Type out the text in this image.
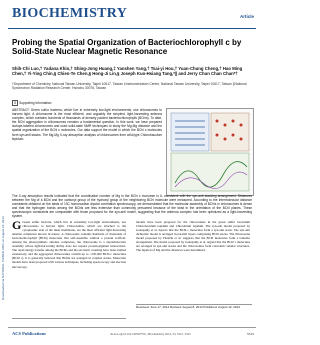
BIOCHEMISTRY	Article
Probing the Spatial Organization of Bacteriochlorophyll c by Solid-State Nuclear Magnetic Resonance
Shih-Chi Luo,† Yadana Khin,† Shing-Jong Huang,‡ Yanshen Yang,† Tsai-yi Hou,† Yuan-Chung Cheng,† Hao Ming Chen,† Yi-Ying Chin,§ Chien-Te Chen,§ Hong-Ji Lin,§ Joseph Kuo-Hsiang Tang,*∥ and Jerry Chun Chan Chan*†
†Department of Chemistry, National Taiwan University, Taipei 10617, Taiwan ‡Instrumentation Center, National Taiwan University, Taipei 10617, Taiwan §National Synchrotron Radiation Research Center, Hsinchu 30076, Taiwan
S Supporting Information
ABSTRACT: Green sulfur bacteria, which live in extremely low-light environments, use chlorosomes to harvest light. A chlorosome is the most efficient, and arguably the simplest, light-harvesting antenna complex, which contains hundreds of thousands of densely packed bacteriochlorophylls (BChls). To date, the BChl aggregation in chlorosomes remains a fundamental question. In this work, we have prepared isotope-labeled chlorosomes and used solid-state NMR techniques to study the Mg-Mg distance and the spatial organization of the BChl c molecules. Our data support the model in which the BChl c molecules form syn-anti stacks. The Mg-Mg X-ray absorption analysis of chlorosomes from wild-type Chlorobaculum tepidum.
The X-ray absorption results indicated that the coordination number of Mg in the BChl c monomer is 6, consistent with the syn-anti stacking arrangement. Distances between the Mg of a BChl and the carbonyl group of the hydroxyl group of the neighboring BChl molecule were measured. According to the intermolecular distance constraints obtained on the basis of 13C homonuclear dipolar correlation spectroscopy, we demonstrated that the molecular assembly of BChls in chlorosomes is dense and that the hydrogen bonds among the BChls are less extensive than commonly presumed because of the twist in the orientation of the BChl planes. These spectroscopic constraints are comparable with those proposed for the syn-anti model, suggesting that the antenna complex has been optimized as a light-harvesting system.
G Green sulfur bacteria, which live in extremely low-light environments, use chlorosomes to harvest light. Chlorosomes, which are attached to the cytoplasmic side of the inner membrane, are the most efficient light-harvesting antenna complexes known in nature. A chlorosome contains hundreds of thousands of bacteriochlorophyll (BChl) molecules that self-assemble without a protein scaffold. Among the photosynthetic antenna complexes, the chlorosome is a supramolecular assembly whose light-harvesting ability does not require protein-pigment interactions. The rapid energy transfer among the BChls and the excitonic coupling have been studied extensively, and the aggregated chlorosomes contain up to ~250,000 BChl c molecules (BChl c). It is generally believed that BChls are arranged in coupled stacks. Molecular models have been proposed with various techniques, including spectroscopy and electron microscopy.
models have been proposed for the chlorosomes in the green sulfur bacterium Chlorobaculum tepidum and Chlorobium tepidum. The syn-anti model proposed by Ganapathy et al. depicts that the BChl c molecules form a syn-anti stack. The syn-anti dichromic model is arranged in parallel layers comprising BChl stacks. The chlorosome model proposed by Pšenčík et al. suggests that the BChl molecules form a lamellar arrangement. The model proposed by Ganapathy et al. argued that the BChl c molecules are arranged in syn-anti stacks and the chlorosomes form concentric tubular structures. The ligation of Mg and the distances were determined.
Received: June 17, 2014 Revised: August 8, 2014 Published: August 12, 2014
Downloaded via NATIONAL TAIWAN UNIV on August 24, 2014
ACS Publications	dx.doi.org/10.1021/bi500755r | Biochemistry 2014, 53, 5515−5525	5515
